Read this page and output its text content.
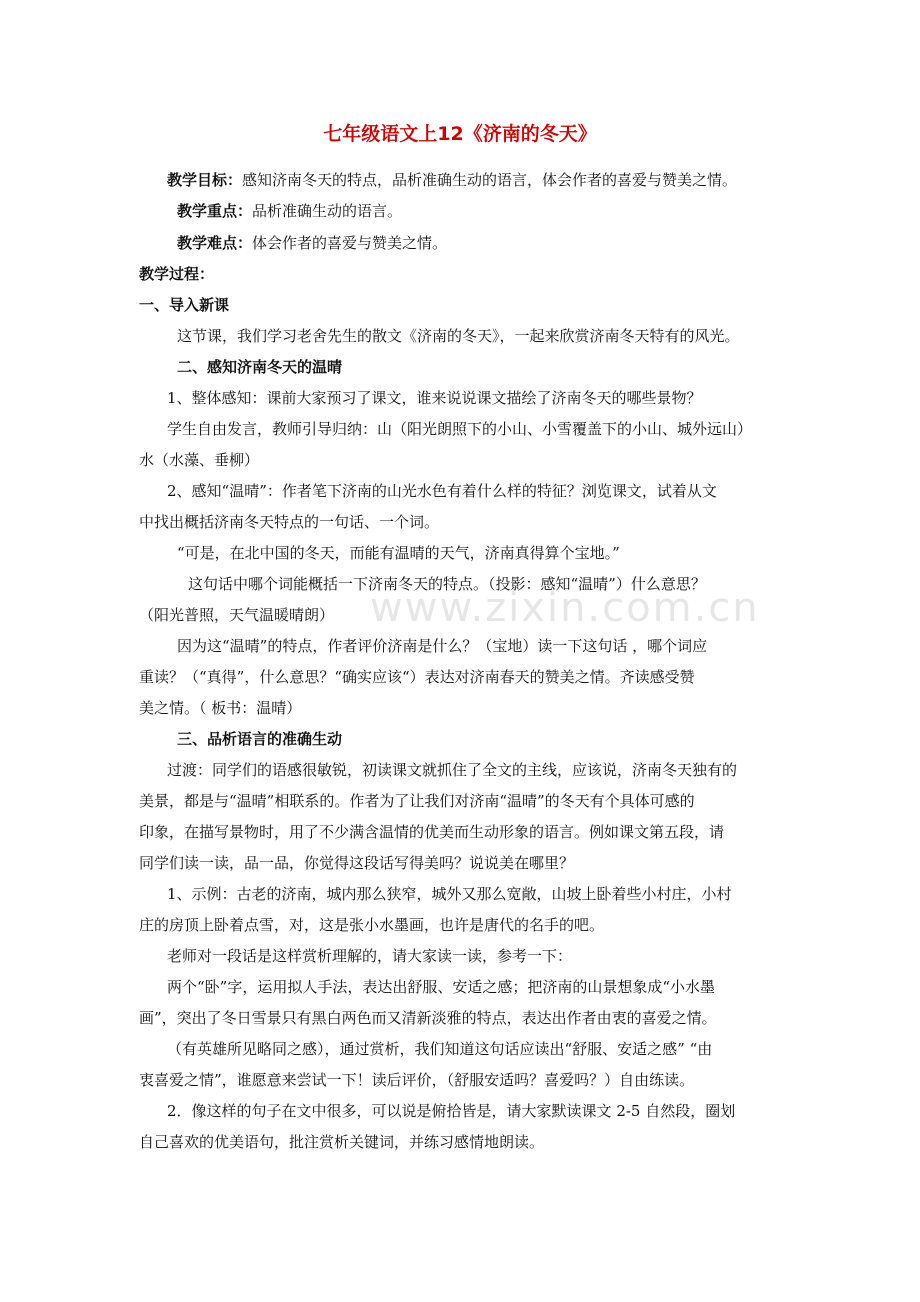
www.zixin.com.cn
七年级语文上12《济南的冬天》
教学目标：感知济南冬天的特点，品析准确生动的语言，体会作者的喜爱与赞美之情。
教学重点：品析准确生动的语言。
教学难点：体会作者的喜爱与赞美之情。
教学过程：
一、导入新课
这节课，我们学习老舍先生的散文《济南的冬天》，一起来欣赏济南冬天特有的风光。
二、感知济南冬天的温晴
1、整体感知：课前大家预习了课文，谁来说说课文描绘了济南冬天的哪些景物？
学生自由发言，教师引导归纳：山（阳光朗照下的小山、小雪覆盖下的小山、城外远山）
水（水藻、垂柳）
2、感知“温晴”：作者笔下济南的山光水色有着什么样的特征？浏览课文，试着从文
中找出概括济南冬天特点的一句话、一个词。
“可是，在北中国的冬天，而能有温晴的天气，济南真得算个宝地。”
这句话中哪个词能概括一下济南冬天的特点。（投影：感知“温晴”）什么意思？
（阳光普照，天气温暖晴朗）
因为这“温晴”的特点，作者评价济南是什么？（宝地）读一下这句话 ，哪个词应
重读？（“真得”，什么意思？“确实应该“）表达对济南春天的赞美之情。齐读感受赞
美之情。（ 板书：温晴）
三、品析语言的准确生动
过渡：同学们的语感很敏锐，初读课文就抓住了全文的主线，应该说，济南冬天独有的
美景，都是与“温晴”相联系的。作者为了让我们对济南“温晴”的冬天有个具体可感的
印象，在描写景物时，用了不少满含温情的优美而生动形象的语言。例如课文第五段，请
同学们读一读，品一品，你觉得这段话写得美吗？说说美在哪里？
1、示例：古老的济南，城内那么狭窄，城外又那么宽敞，山坡上卧着些小村庄，小村
庄的房顶上卧着点雪，对，这是张小水墨画，也许是唐代的名手的吧。
老师对一段话是这样赏析理解的，请大家读一读，参考一下：
两个“卧”字，运用拟人手法，表达出舒服、安适之感；把济南的山景想象成“小水墨
画”，突出了冬日雪景只有黑白两色而又清新淡雅的特点，表达出作者由衷的喜爱之情。
（有英雄所见略同之感），通过赏析，我们知道这句话应读出“舒服、安适之感” “由
衷喜爱之情”，谁愿意来尝试一下！读后评价，（舒服安适吗？喜爱吗？）自由练读。
2．像这样的句子在文中很多，可以说是俯拾皆是，请大家默读课文 2-5 自然段，圈划
自己喜欢的优美语句，批注赏析关键词，并练习感情地朗读。
